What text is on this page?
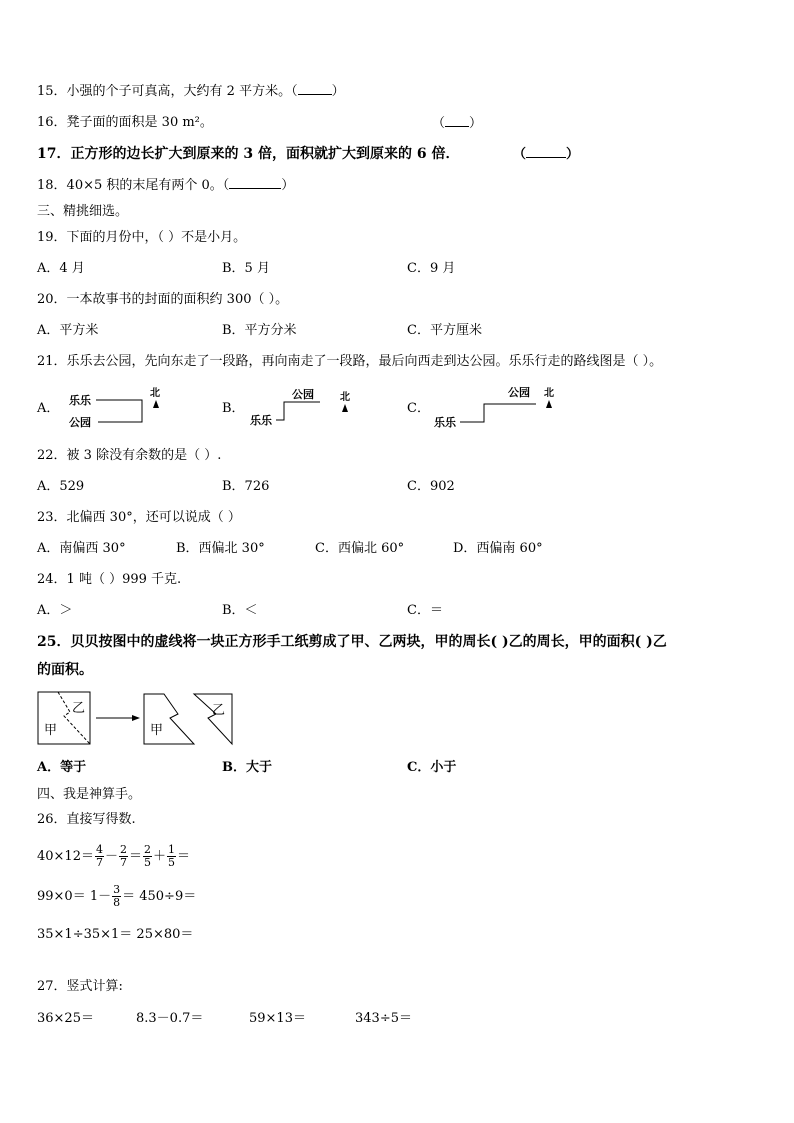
15．小强的个子可真高，大约有 2 平方米。（	）
16．凳子面的面积是 30 m²。	（ ）
17．正方形的边长扩大到原来的 3 倍，面积就扩大到原来的 6 倍．	（	）
18．40×5 积的末尾有两个 0。（	）
三、精挑细选。
19．下面的月份中，（ ）不是小月。
A．4 月	B．5 月	C．9 月
20．一本故事书的封面的面积约 300（ ）。
A．平方米	B．平方分米	C．平方厘米
21．乐乐去公园，先向东走了一段路，再向南走了一段路，最后向西走到达公园。乐乐行走的路线图是（ ）。
A．
乐乐
公园
北
B．
公园
乐乐
北
C．
公园
乐乐
北
22．被 3 除没有余数的是（ ）.
A．529	B．726	C．902
23．北偏西 30°，还可以说成（ ）
A．南偏西 30°	B．西偏北 30°	C．西偏北 60°	D．西偏南 60°
24．1 吨（ ）999 千克.
A．＞	B．＜	C．＝
25．贝贝按图中的虚线将一块正方形手工纸剪成了甲、乙两块，甲的周长( )乙的周长，甲的面积( )乙
的面积。
甲
乙
甲
乙
A．等于	B．大于	C．小于
四、我是神算手。
26．直接写得数.
$40\times 12= \frac{4}{7} - \frac{2}{7} = \frac{2}{5} + \frac{1}{5}$ ＝
$99\times 0= 1- \frac{3}{8} = 450\div 9=$
35×1÷35×1＝ 25×80＝
27．竖式计算:
36×25＝	8.3－0.7＝	59×13＝	343÷5＝
